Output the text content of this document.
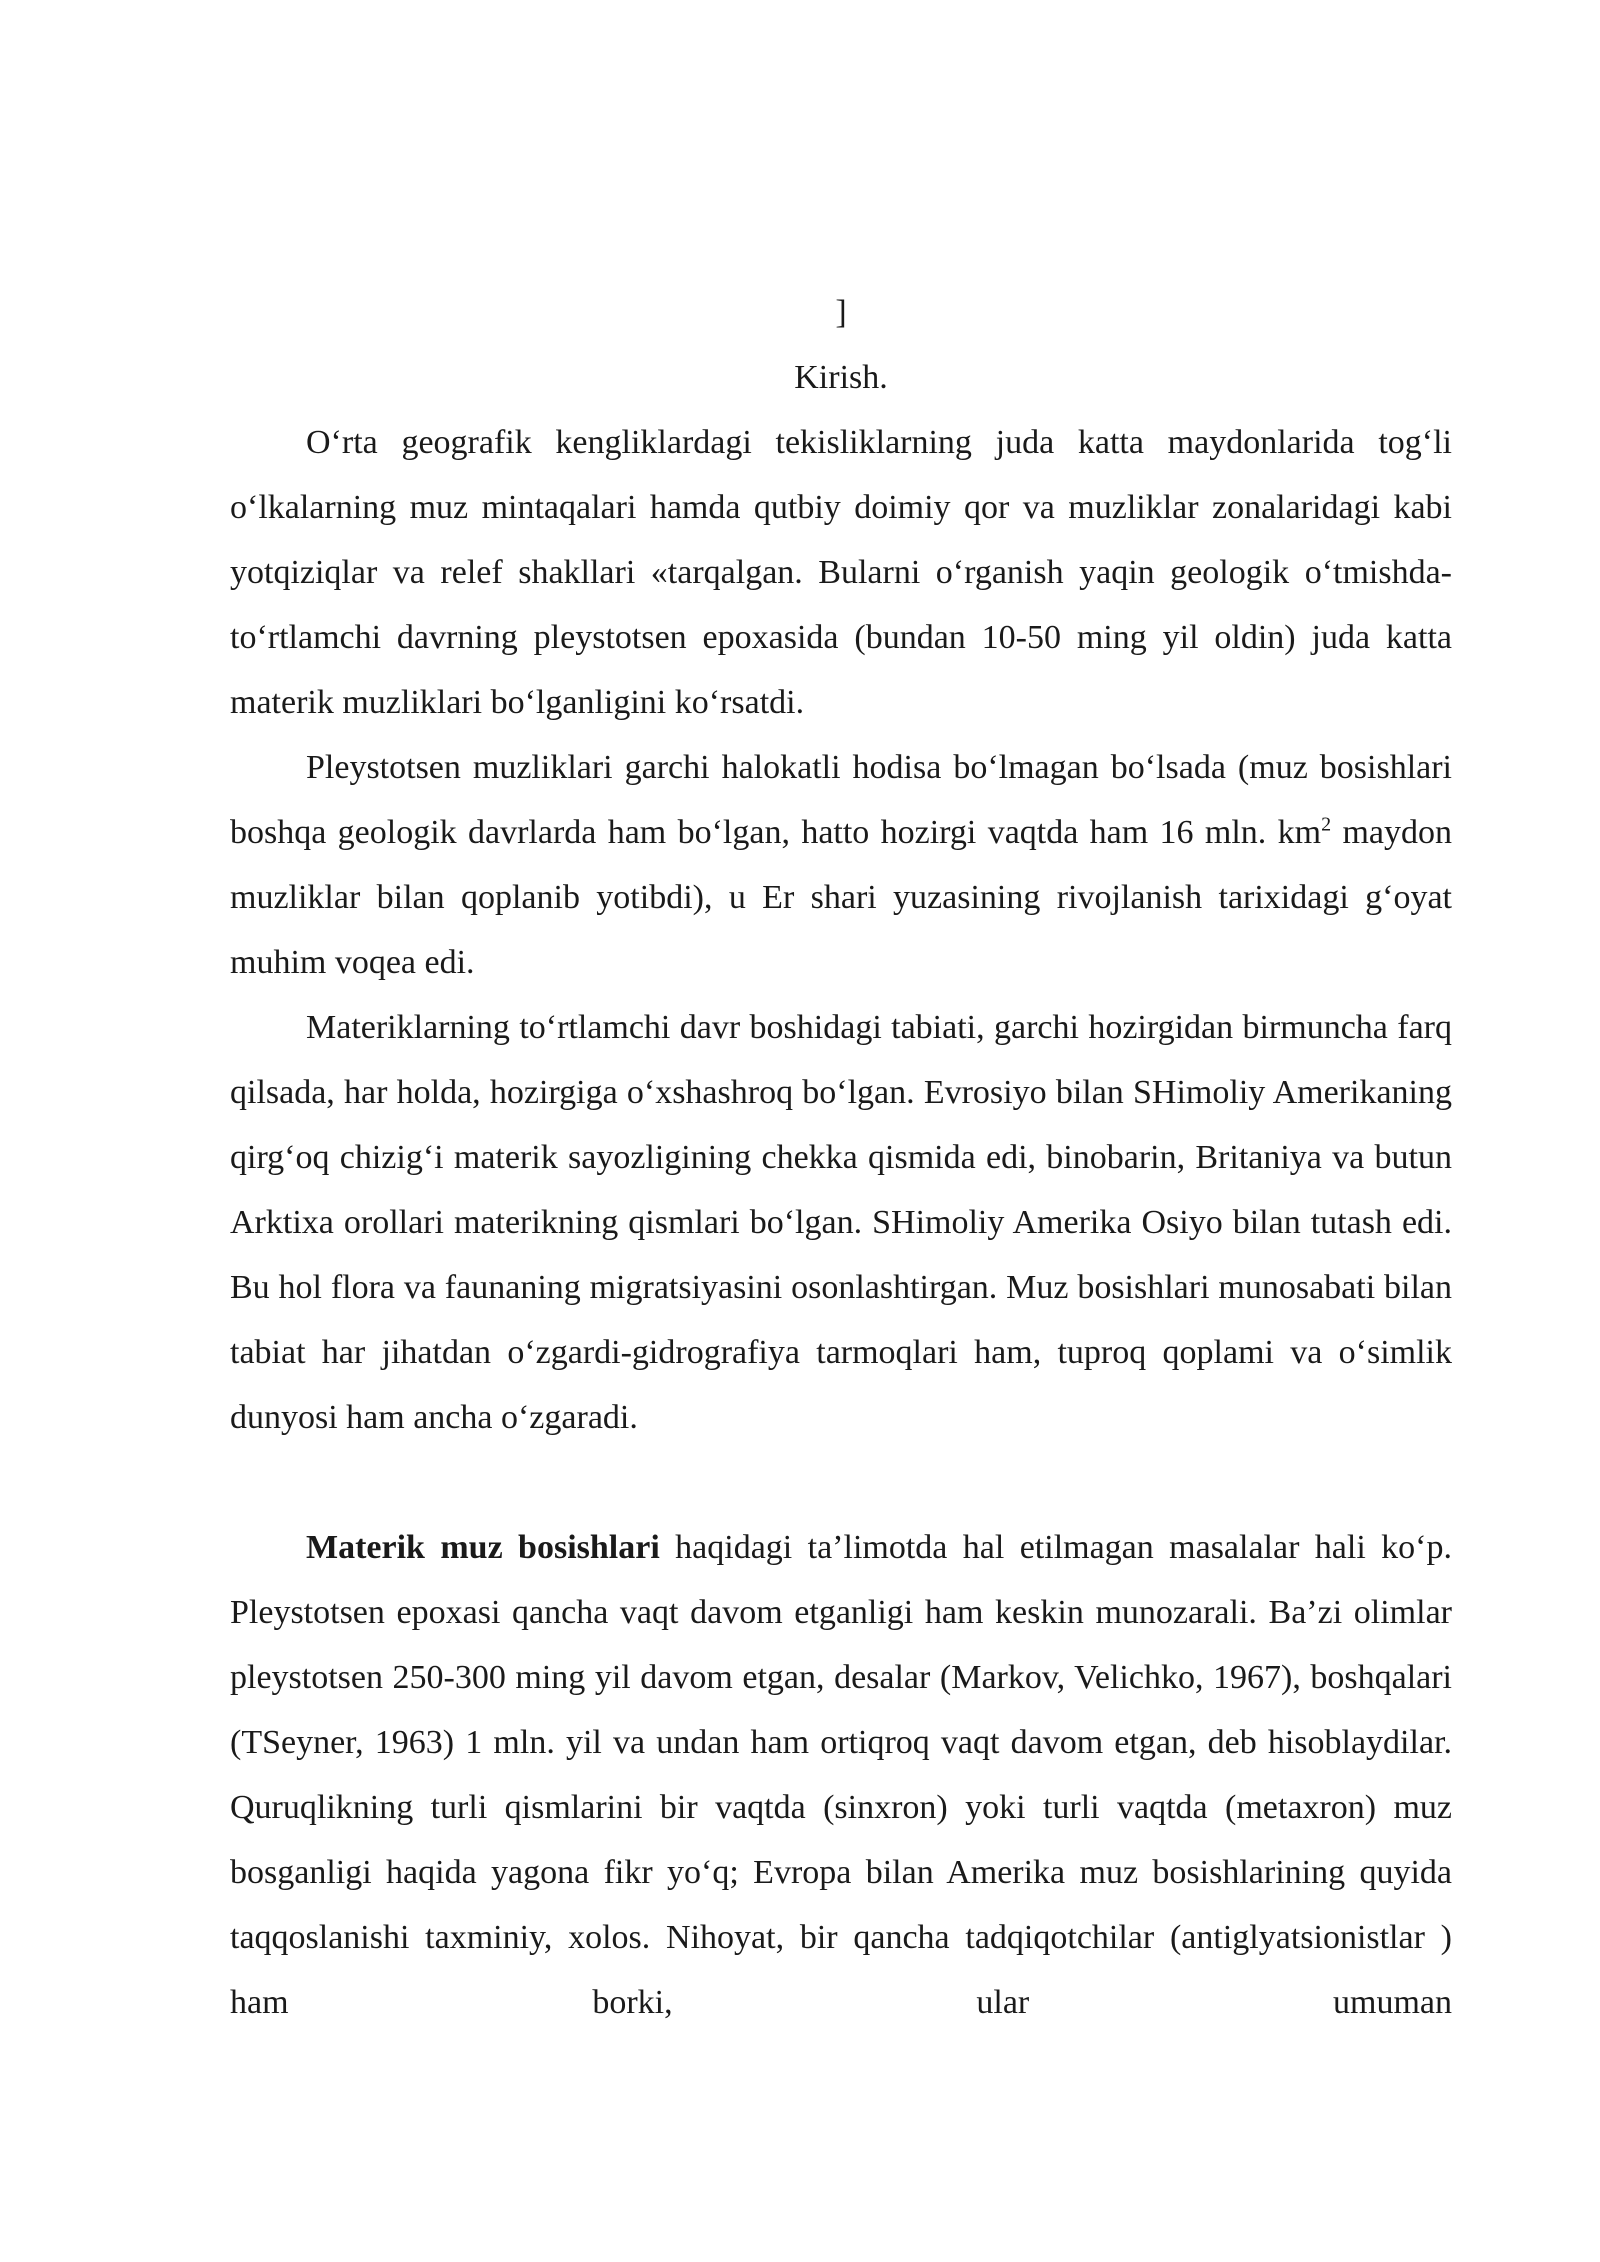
]

Kirish.

O‘rta geografik kengliklardagi tekisliklarning juda katta maydonlarida tog‘li o‘lkalarning muz mintaqalari hamda qutbiy doimiy qor va muzliklar zonalaridagi kabi yotqiziqlar va relef shakllari «tarqalgan. Bularni o‘rganish yaqin geologik o‘tmishda-to‘rtlamchi davrning pleystotsen epoxasida (bundan 10-50 ming yil oldin) juda katta materik muzliklari bo‘lganligini ko‘rsatdi.

Pleystotsen muzliklari garchi halokatli hodisa bo‘lmagan bo‘lsada (muz bosishlari boshqa geologik davrlarda ham bo‘lgan, hatto hozirgi vaqtda ham 16 mln. $km^2$ maydon muzliklar bilan qoplanib yotibdi), u Er shari yuzasining rivojlanish tarixidagi g‘oyat muhim voqea edi.

Materiklarning to‘rtlamchi davr boshidagi tabiati, garchi hozirgidan birmuncha farq qilsada, har holda, hozirgiga o‘xshashroq bo‘lgan. Evrosiyo bilan SHimoliy Amerikaning qirg‘oq chizig‘i materik sayozligining chekka qismida edi, binobarin, Britaniya va butun Arktixa orollari materikning qismlari bo‘lgan. SHimoliy Amerika Osiyo bilan tutash edi. Bu hol flora va faunaning migratsiyasini osonlashtirgan. Muz bosishlari munosabati bilan tabiat har jihatdan o‘zgardi-gidrografiya tarmoqlari ham, tuproq qoplami va o‘simlik dunyosi ham ancha o‘zgaradi.

Materik muz bosishlari haqidagi ta’limotda hal etilmagan masalalar hali ko‘p. Pleystotsen epoxasi qancha vaqt davom etganligi ham keskin munozarali. Ba’zi olimlar pleystotsen 250-300 ming yil davom etgan, desalar (Markov, Velichko, 1967), boshqalari (TSeyner, 1963) 1 mln. yil va undan ham ortiqroq vaqt davom etgan, deb hisoblaydilar. Quruqlikning turli qismlarini bir vaqtda (sinxron) yoki turli vaqtda (metaxron) muz bosganligi haqida yagona fikr yo‘q; Evropa bilan Amerika muz bosishlarining quyida taqqoslanishi taxminiy, xolos. Nihoyat, bir qancha tadqiqotchilar (antiglyatsionistlar ) ham borki, ular umuman
